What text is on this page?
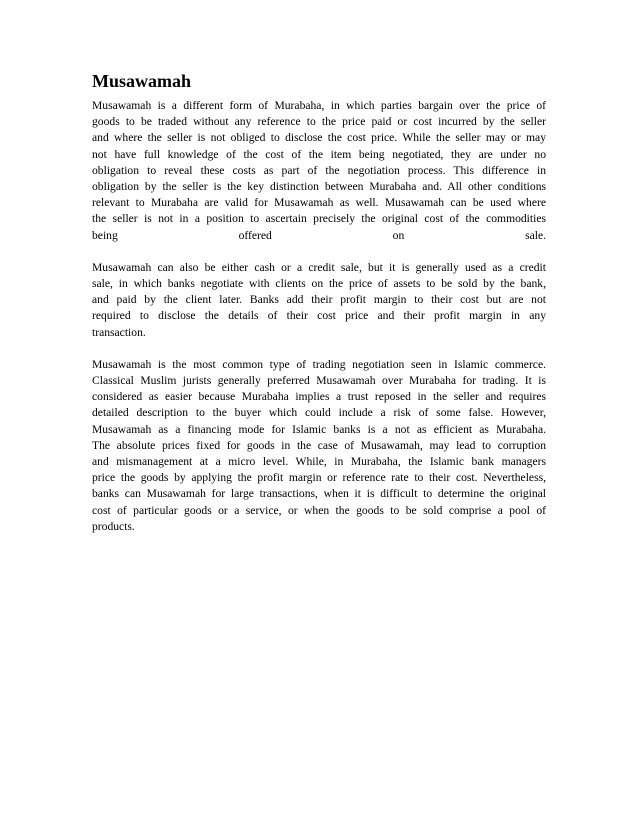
Musawamah
Musawamah is a different form of Murabaha, in which parties bargain over the price of
goods to be traded without any reference to the price paid or cost incurred by the seller
and where the seller is not obliged to disclose the cost price. While the seller may or may
not have full knowledge of the cost of the item being negotiated, they are under no
obligation to reveal these costs as part of the negotiation process. This difference in
obligation by the seller is the key distinction between Murabaha and. All other conditions
relevant to Murabaha are valid for Musawamah as well. Musawamah can be used where
the seller is not in a position to ascertain precisely the original cost of the commodities
being offered on sale.
Musawamah can also be either cash or a credit sale, but it is generally used as a credit
sale, in which banks negotiate with clients on the price of assets to be sold by the bank,
and paid by the client later. Banks add their profit margin to their cost but are not
required to disclose the details of their cost price and their profit margin in any
transaction.
Musawamah is the most common type of trading negotiation seen in Islamic commerce.
Classical Muslim jurists generally preferred Musawamah over Murabaha for trading. It is
considered as easier because Murabaha implies a trust reposed in the seller and requires
detailed description to the buyer which could include a risk of some false. However,
Musawamah as a financing mode for Islamic banks is a not as efficient as Murabaha.
The absolute prices fixed for goods in the case of Musawamah, may lead to corruption
and mismanagement at a micro level. While, in Murabaha, the Islamic bank managers
price the goods by applying the profit margin or reference rate to their cost. Nevertheless,
banks can Musawamah for large transactions, when it is difficult to determine the original
cost of particular goods or a service, or when the goods to be sold comprise a pool of
products.
